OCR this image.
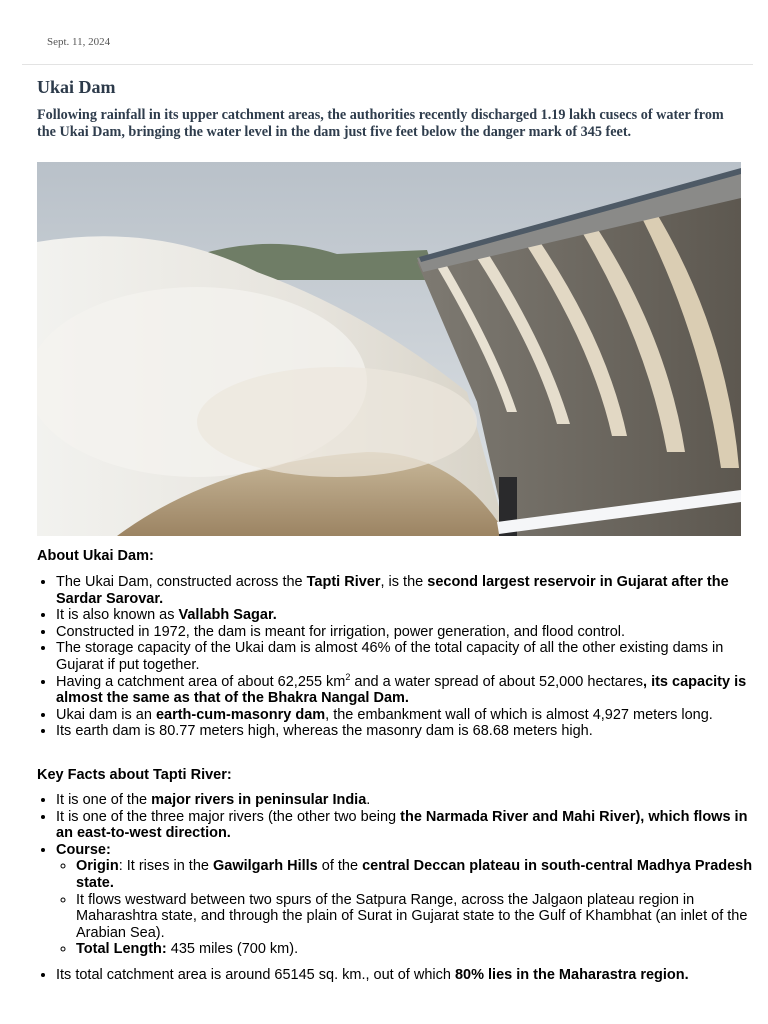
Sept. 11, 2024
Ukai Dam

Following rainfall in its upper catchment areas, the authorities recently discharged 1.19 lakh cusecs of water from the Ukai Dam, bringing the water level in the dam just five feet below the danger mark of 345 feet.

About Ukai Dam:
• The Ukai Dam, constructed across the Tapti River, is the second largest reservoir in Gujarat after the Sardar Sarovar.
• It is also known as Vallabh Sagar.
• Constructed in 1972, the dam is meant for irrigation, power generation, and flood control.
• The storage capacity of the Ukai dam is almost 46% of the total capacity of all the other existing dams in Gujarat if put together.
• Having a catchment area of about 62,255 $km^2$ and a water spread of about 52,000 hectares, its capacity is almost the same as that of the Bhakra Nangal Dam.
• Ukai dam is an earth-cum-masonry dam, the embankment wall of which is almost 4,927 meters long.
• Its earth dam is 80.77 meters high, whereas the masonry dam is 68.68 meters high.
Key Facts about Tapti River:
• It is one of the major rivers in peninsular India.
• It is one of the three major rivers (the other two being the Narmada River and Mahi River), which flows in an east-to-west direction.
• Course:
◦ Origin: It rises in the Gawilgarh Hills of the central Deccan plateau in south-central Madhya Pradesh state.
◦ It flows westward between two spurs of the Satpura Range, across the Jalgaon plateau region in Maharashtra state, and through the plain of Surat in Gujarat state to the Gulf of Khambhat (an inlet of the Arabian Sea).
◦ Total Length: 435 miles (700 km).
• Its total catchment area is around 65145 sq. km., out of which 80% lies in the Maharastra region.
